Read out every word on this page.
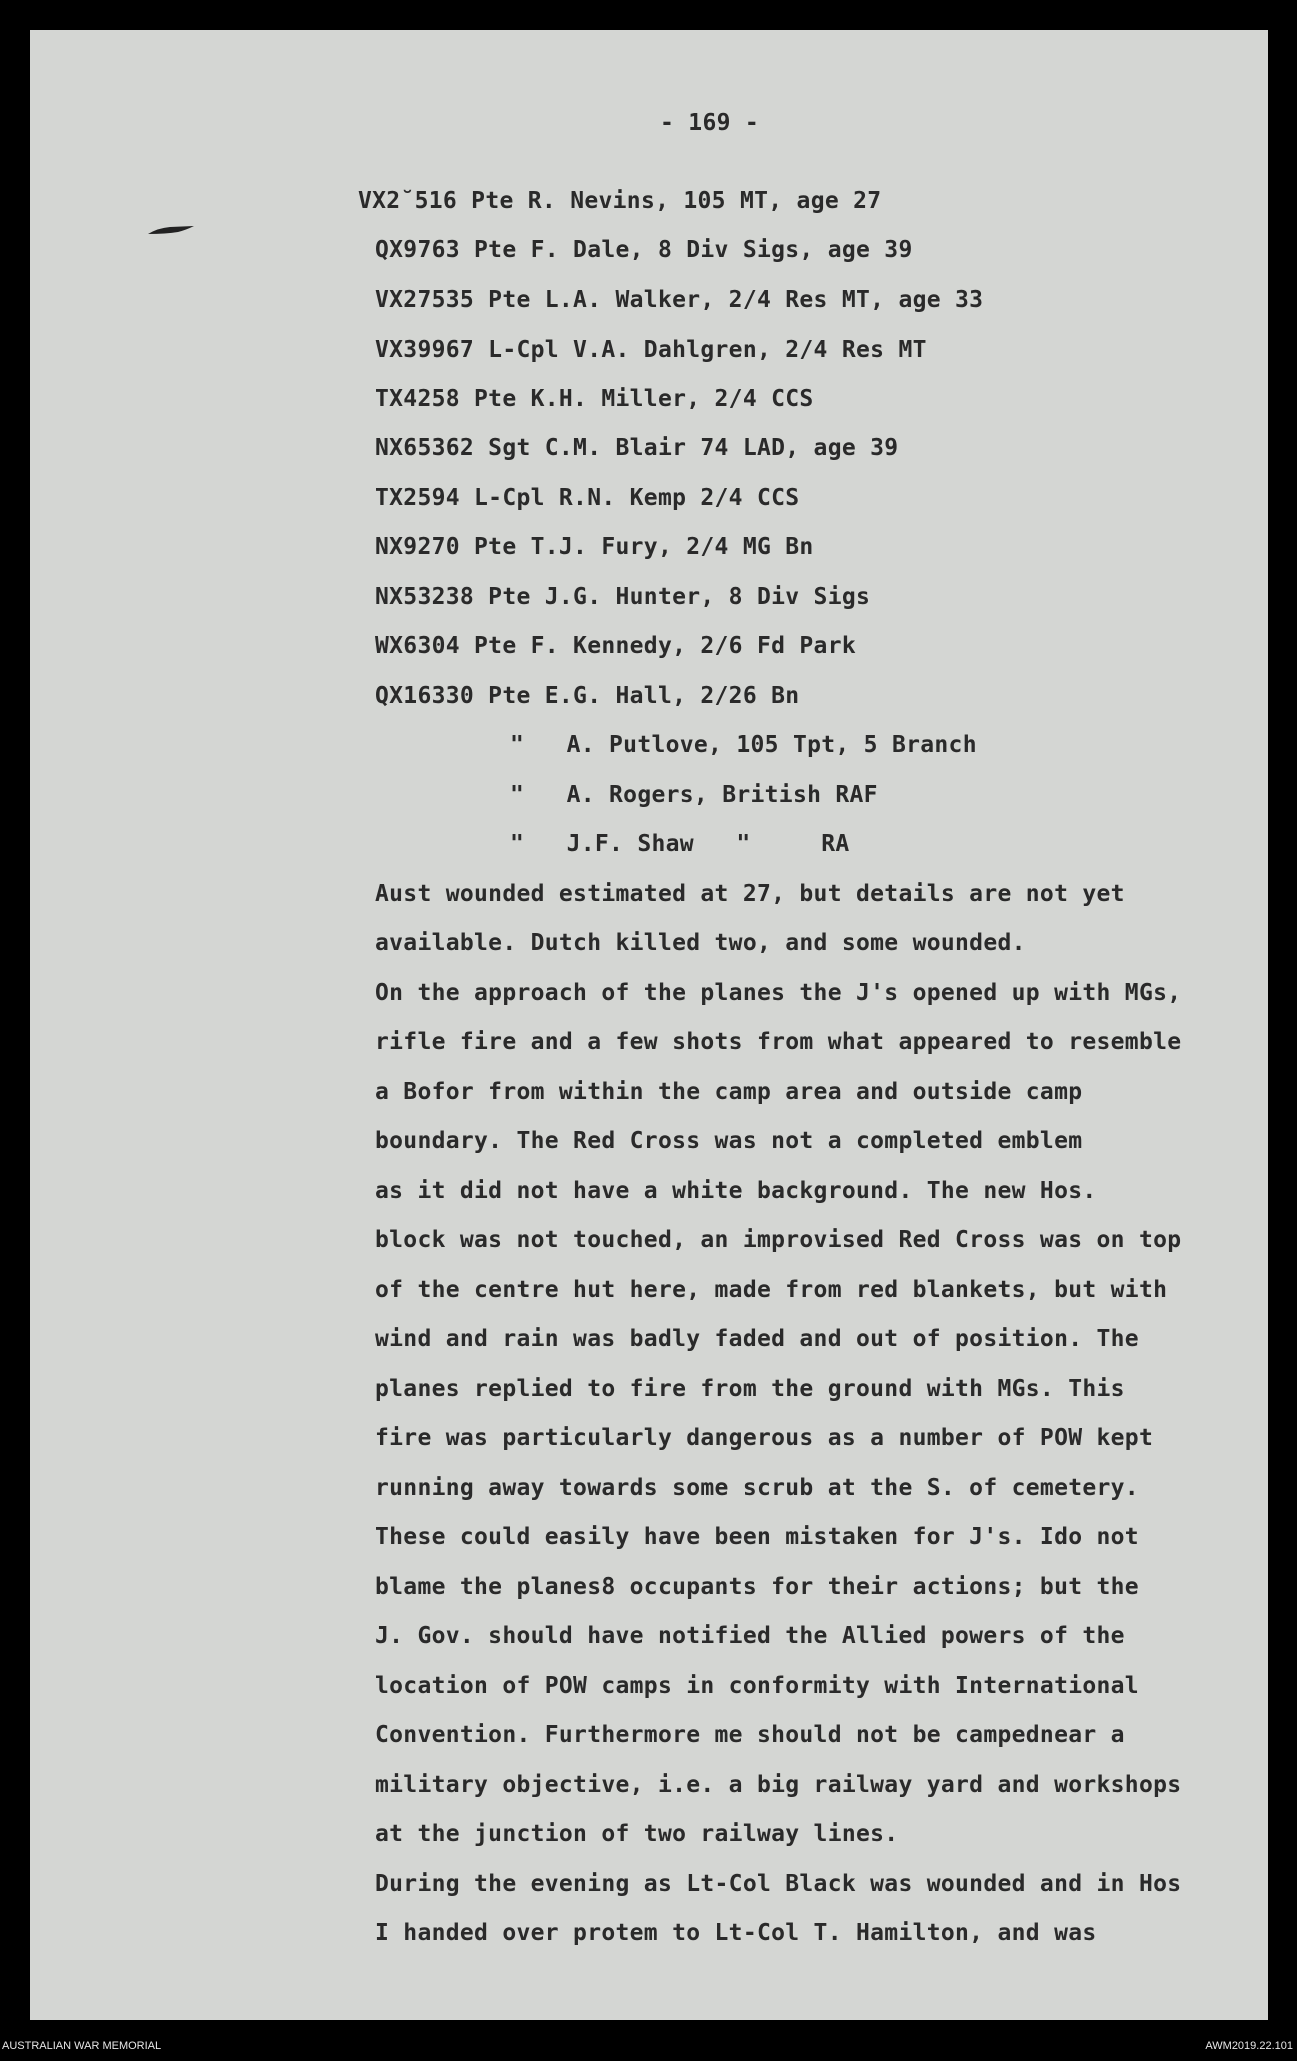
- 169 -

VX2˘516 Pte R. Nevins, 105 MT, age 27

QX9763 Pte F. Dale, 8 Div Sigs, age 39

VX27535 Pte L.A. Walker, 2/4 Res MT, age 33

VX39967 L-Cpl V.A. Dahlgren, 2/4 Res MT

TX4258 Pte K.H. Miller, 2/4 CCS

NX65362 Sgt C.M. Blair 74 LAD, age 39

TX2594 L-Cpl R.N. Kemp 2/4 CCS

NX9270 Pte T.J. Fury, 2/4 MG Bn

NX53238 Pte J.G. Hunter, 8 Div Sigs

WX6304 Pte F. Kennedy, 2/6 Fd Park

QX16330 Pte E.G. Hall, 2/26 Bn

"   A. Putlove, 105 Tpt, 5 Branch

"   A. Rogers, British RAF

"   J.F. Shaw   "     RA

Aust wounded estimated at 27, but details are not yet

available. Dutch killed two, and some wounded.

On the approach of the planes the J's opened up with MGs,

rifle fire and a few shots from what appeared to resemble

a Bofor from within the camp area and outside camp

boundary. The Red Cross was not a completed emblem

as it did not have a white background. The new Hos.

block was not touched, an improvised Red Cross was on top

of the centre hut here, made from red blankets, but with

wind and rain was badly faded and out of position. The

planes replied to fire from the ground with MGs. This

fire was particularly dangerous as a number of POW kept

running away towards some scrub at the S. of cemetery.

These could easily have been mistaken for J's. Ido not

blame the planes8 occupants for their actions; but the

J. Gov. should have notified the Allied powers of the

location of POW camps in conformity with International

Convention. Furthermore me should not be campednear a

military objective, i.e. a big railway yard and workshops

at the junction of two railway lines.

During the evening as Lt-Col Black was wounded and in Hos

I handed over protem to Lt-Col T. Hamilton, and was

AUSTRALIAN WAR MEMORIAL	AWM2019.22.101
